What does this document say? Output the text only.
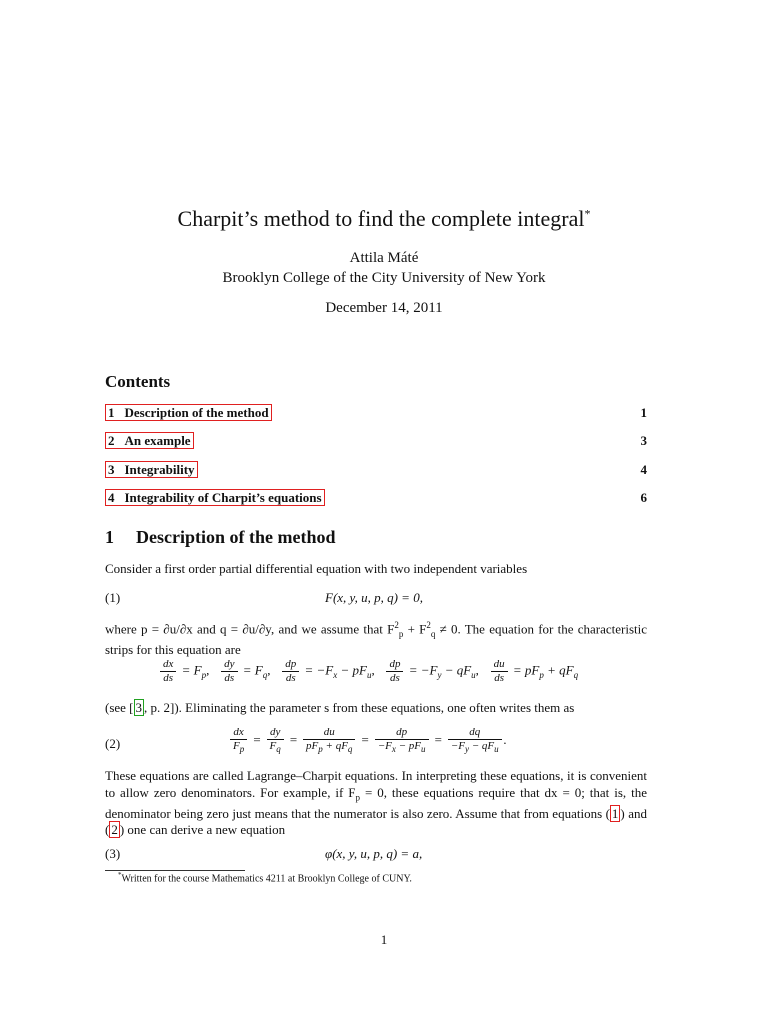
Charpit’s method to find the complete integral*
Attila Máté
Brooklyn College of the City University of New York
December 14, 2011
Contents
1 Description of the method	1
2 An example	3
3 Integrability	4
4 Integrability of Charpit’s equations	6
1 Description of the method
Consider a first order partial differential equation with two independent variables
(1)	F(x, y, u, p, q) = 0,
where p = ∂u/∂x and q = ∂u/∂y, and we assume that $F^2_p + F^2_q \ne 0$. The equation for the characteristic strips for this equation are
$\frac{dx}{ds} = F_p$, $\frac{dy}{ds} = F_q$, $\frac{dp}{ds} = -F_x - pF_u$, $\frac{dp}{ds} = -F_y - qF_u$, $\frac{du}{ds} = pF_p + qF_q$
(see [ 3 , p. 2]). Eliminating the parameter s from these equations, one often writes them as
(2)	$\frac{dx}{F_p} = \frac{dy}{F_q} = \frac{du}{pF_p + qF_q} = \frac{dp}{-F_x - pF_u} = \frac{dq}{-F_y - qF_u}$ .
These equations are called Lagrange–Charpit equations. In interpreting these equations, it is convenient to allow zero denominators. For example, if $F_p = 0$, these equations require that dx = 0; that is, the denominator being zero just means that the numerator is also zero. Assume that from equations ( 1 ) and ( 2 ) one can derive a new equation
(3)	φ(x, y, u, p, q) = a,
*Written for the course Mathematics 4211 at Brooklyn College of CUNY.
1
